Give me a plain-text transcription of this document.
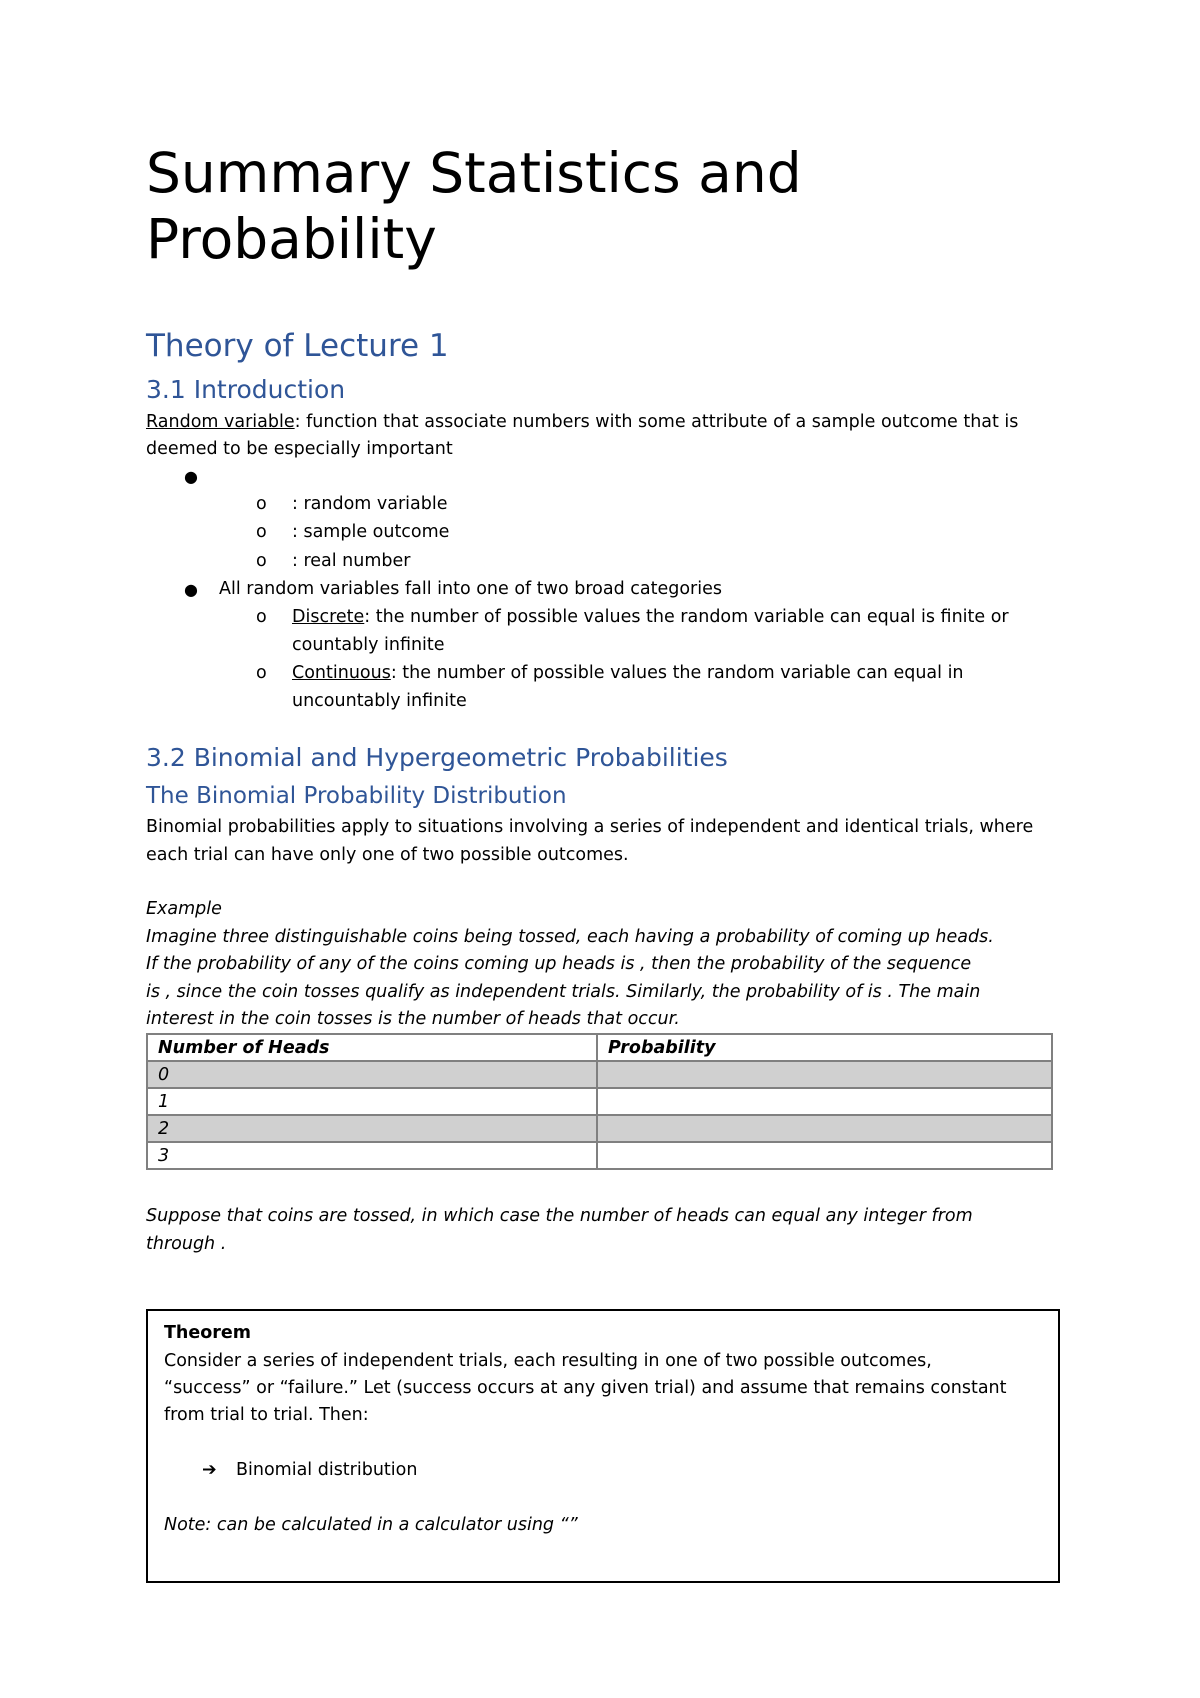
Summary Statistics and
Probability
Theory of Lecture 1
3.1 Introduction

Random variable: function that associate numbers with some attribute of a sample outcome that is

deemed to be especially important

●
o : random variable
o : sample outcome
o : real number
● All random variables fall into one of two broad categories
o Discrete: the number of possible values the random variable can equal is finite or
countably infinite
o Continuous: the number of possible values the random variable can equal in
uncountably infinite
3.2 Binomial and Hypergeometric Probabilities
The Binomial Probability Distribution

Binomial probabilities apply to situations involving a series of independent and identical trials, where

each trial can have only one of two possible outcomes.

Example

Imagine three distinguishable coins being tossed, each having a probability of coming up heads.

If the probability of any of the coins coming up heads is , then the probability of the sequence

is , since the coin tosses qualify as independent trials. Similarly, the probability of is . The main

interest in the coin tosses is the number of heads that occur.

Number of Heads	Probability
0	
1	
2	
3	

Suppose that coins are tossed, in which case the number of heads can equal any integer from

through .

Theorem

Consider a series of independent trials, each resulting in one of two possible outcomes,

“success” or “failure.” Let (success occurs at any given trial) and assume that remains constant

from trial to trial. Then:

➔ Binomial distribution

Note: can be calculated in a calculator using “”
